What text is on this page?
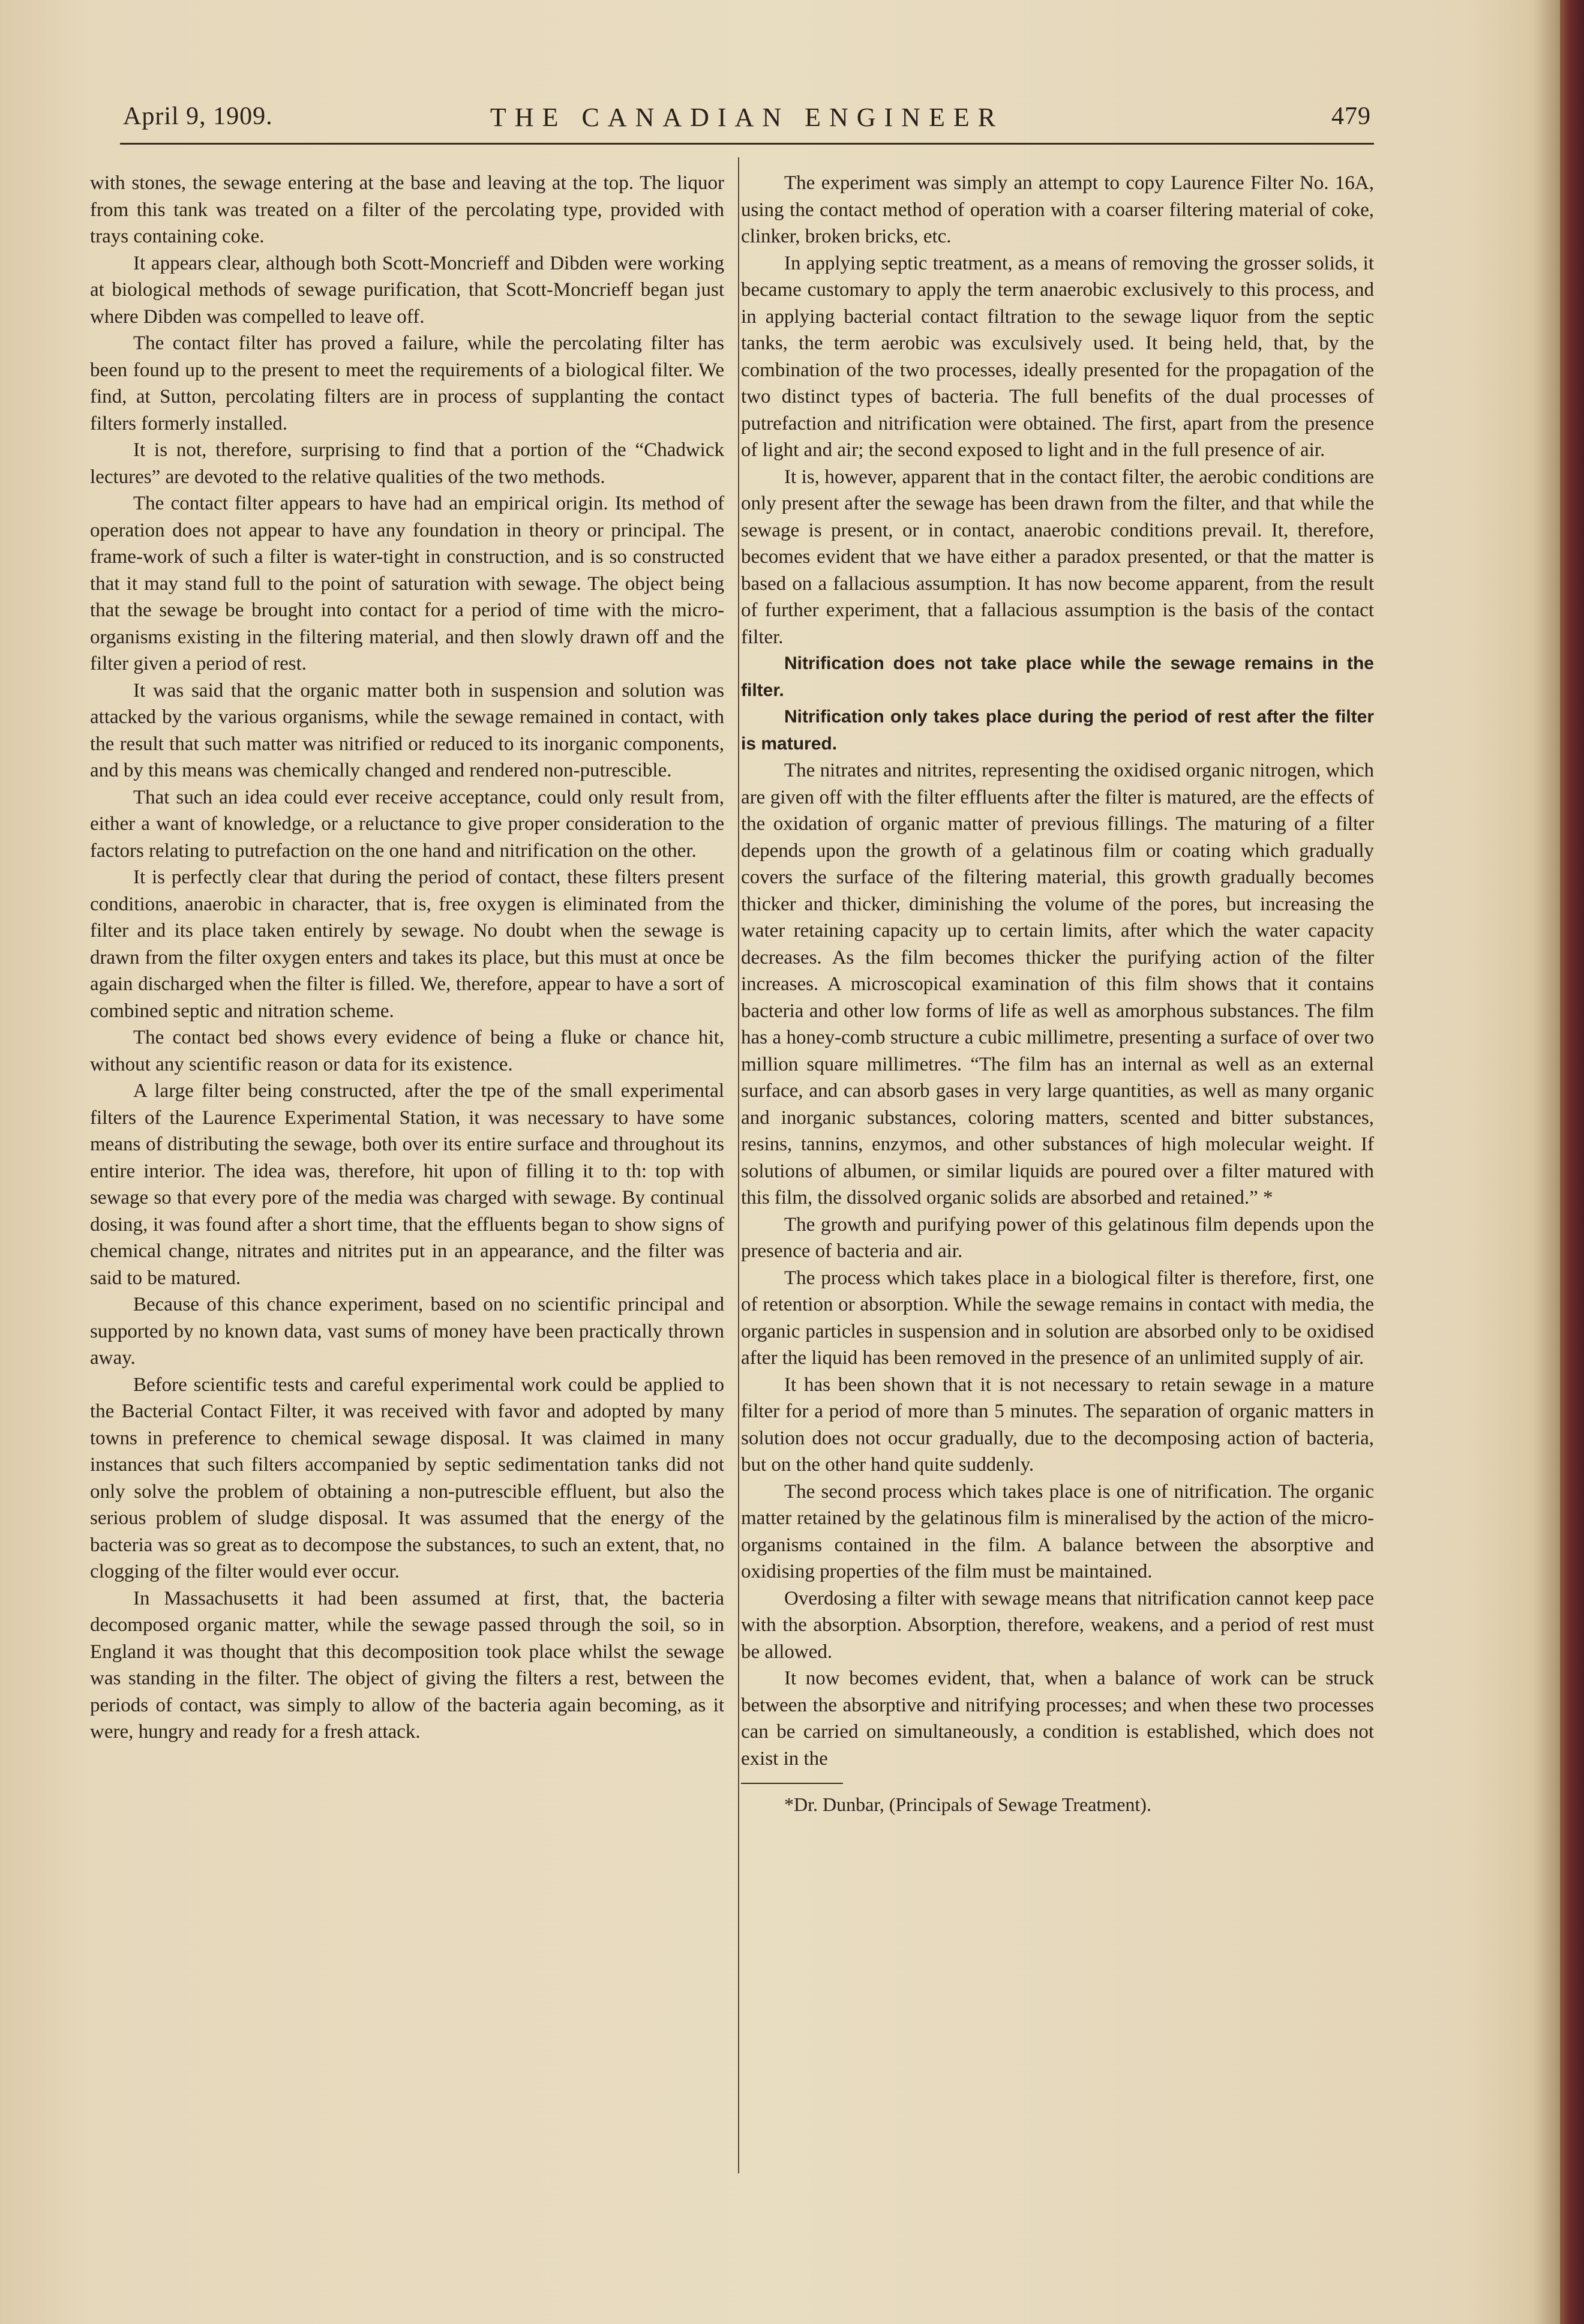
April 9, 1909.	THE CANADIAN ENGINEER	479

with stones, the sewage entering at the base and leaving at the top. The liquor from this tank was treated on a filter of the percolating type, provided with trays containing coke.

It appears clear, although both Scott-Moncrieff and Dibden were working at biological methods of sewage purification, that Scott-Moncrieff began just where Dibden was compelled to leave off.

The contact filter has proved a failure, while the percolating filter has been found up to the present to meet the requirements of a biological filter. We find, at Sutton, percolating filters are in process of supplanting the contact filters formerly installed.

It is not, therefore, surprising to find that a portion of the “Chadwick lectures” are devoted to the relative qualities of the two methods.

The contact filter appears to have had an empirical origin. Its method of operation does not appear to have any foundation in theory or principal. The frame-work of such a filter is water-tight in construction, and is so constructed that it may stand full to the point of saturation with sewage. The object being that the sewage be brought into contact for a period of time with the micro-organisms existing in the filtering material, and then slowly drawn off and the filter given a period of rest.

It was said that the organic matter both in suspension and solution was attacked by the various organisms, while the sewage remained in contact, with the result that such matter was nitrified or reduced to its inorganic components, and by this means was chemically changed and rendered non-putrescible.

That such an idea could ever receive acceptance, could only result from, either a want of knowledge, or a reluctance to give proper consideration to the factors relating to putrefaction on the one hand and nitrification on the other.

It is perfectly clear that during the period of contact, these filters present conditions, anaerobic in character, that is, free oxygen is eliminated from the filter and its place taken entirely by sewage. No doubt when the sewage is drawn from the filter oxygen enters and takes its place, but this must at once be again discharged when the filter is filled. We, therefore, appear to have a sort of combined septic and nitration scheme.

The contact bed shows every evidence of being a fluke or chance hit, without any scientific reason or data for its existence.

A large filter being constructed, after the tpe of the small experimental filters of the Laurence Experimental Station, it was necessary to have some means of distributing the sewage, both over its entire surface and throughout its entire interior. The idea was, therefore, hit upon of filling it to th: top with sewage so that every pore of the media was charged with sewage. By continual dosing, it was found after a short time, that the effluents began to show signs of chemical change, nitrates and nitrites put in an appearance, and the filter was said to be matured.

Because of this chance experiment, based on no scientific principal and supported by no known data, vast sums of money have been practically thrown away.

Before scientific tests and careful experimental work could be applied to the Bacterial Contact Filter, it was received with favor and adopted by many towns in preference to chemical sewage disposal. It was claimed in many instances that such filters accompanied by septic sedimentation tanks did not only solve the problem of obtaining a non-putrescible effluent, but also the serious problem of sludge disposal. It was assumed that the energy of the bacteria was so great as to decompose the substances, to such an extent, that, no clogging of the filter would ever occur.

In Massachusetts it had been assumed at first, that, the bacteria decomposed organic matter, while the sewage passed through the soil, so in England it was thought that this decomposition took place whilst the sewage was standing in the filter. The object of giving the filters a rest, between the periods of contact, was simply to allow of the bacteria again becoming, as it were, hungry and ready for a fresh attack.

The experiment was simply an attempt to copy Laurence Filter No. 16A, using the contact method of operation with a coarser filtering material of coke, clinker, broken bricks, etc.

In applying septic treatment, as a means of removing the grosser solids, it became customary to apply the term anaerobic exclusively to this process, and in applying bacterial contact filtration to the sewage liquor from the septic tanks, the term aerobic was exculsively used. It being held, that, by the combination of the two processes, ideally presented for the propagation of the two distinct types of bacteria. The full benefits of the dual processes of putrefaction and nitrification were obtained. The first, apart from the presence of light and air; the second exposed to light and in the full presence of air.

It is, however, apparent that in the contact filter, the aerobic conditions are only present after the sewage has been drawn from the filter, and that while the sewage is present, or in contact, anaerobic conditions prevail. It, therefore, becomes evident that we have either a paradox presented, or that the matter is based on a fallacious assumption. It has now become apparent, from the result of further experiment, that a fallacious assumption is the basis of the contact filter.

Nitrification does not take place while the sewage remains in the filter.

Nitrification only takes place during the period of rest after the filter is matured.

The nitrates and nitrites, representing the oxidised organic nitrogen, which are given off with the filter effluents after the filter is matured, are the effects of the oxidation of organic matter of previous fillings. The maturing of a filter depends upon the growth of a gelatinous film or coating which gradually covers the surface of the filtering material, this growth gradually becomes thicker and thicker, diminishing the volume of the pores, but increasing the water retaining capacity up to certain limits, after which the water capacity decreases. As the film becomes thicker the purifying action of the filter increases. A microscopical examination of this film shows that it contains bacteria and other low forms of life as well as amorphous substances. The film has a honey-comb structure a cubic millimetre, presenting a surface of over two million square millimetres. “The film has an internal as well as an external surface, and can absorb gases in very large quantities, as well as many organic and inorganic substances, coloring matters, scented and bitter substances, resins, tannins, enzymos, and other substances of high molecular weight. If solutions of albumen, or similar liquids are poured over a filter matured with this film, the dissolved organic solids are absorbed and retained.” *

The growth and purifying power of this gelatinous film depends upon the presence of bacteria and air.

The process which takes place in a biological filter is therefore, first, one of retention or absorption. While the sewage remains in contact with media, the organic particles in suspension and in solution are absorbed only to be oxidised after the liquid has been removed in the presence of an unlimited supply of air.

It has been shown that it is not necessary to retain sewage in a mature filter for a period of more than 5 minutes. The separation of organic matters in solution does not occur gradually, due to the decomposing action of bacteria, but on the other hand quite suddenly.

The second process which takes place is one of nitrification. The organic matter retained by the gelatinous film is mineralised by the action of the micro-organisms contained in the film. A balance between the absorptive and oxidising properties of the film must be maintained.

Overdosing a filter with sewage means that nitrification cannot keep pace with the absorption. Absorption, therefore, weakens, and a period of rest must be allowed.

It now becomes evident, that, when a balance of work can be struck between the absorptive and nitrifying processes; and when these two processes can be carried on simultaneously, a condition is established, which does not exist in the

*Dr. Dunbar, (Principals of Sewage Treatment).
